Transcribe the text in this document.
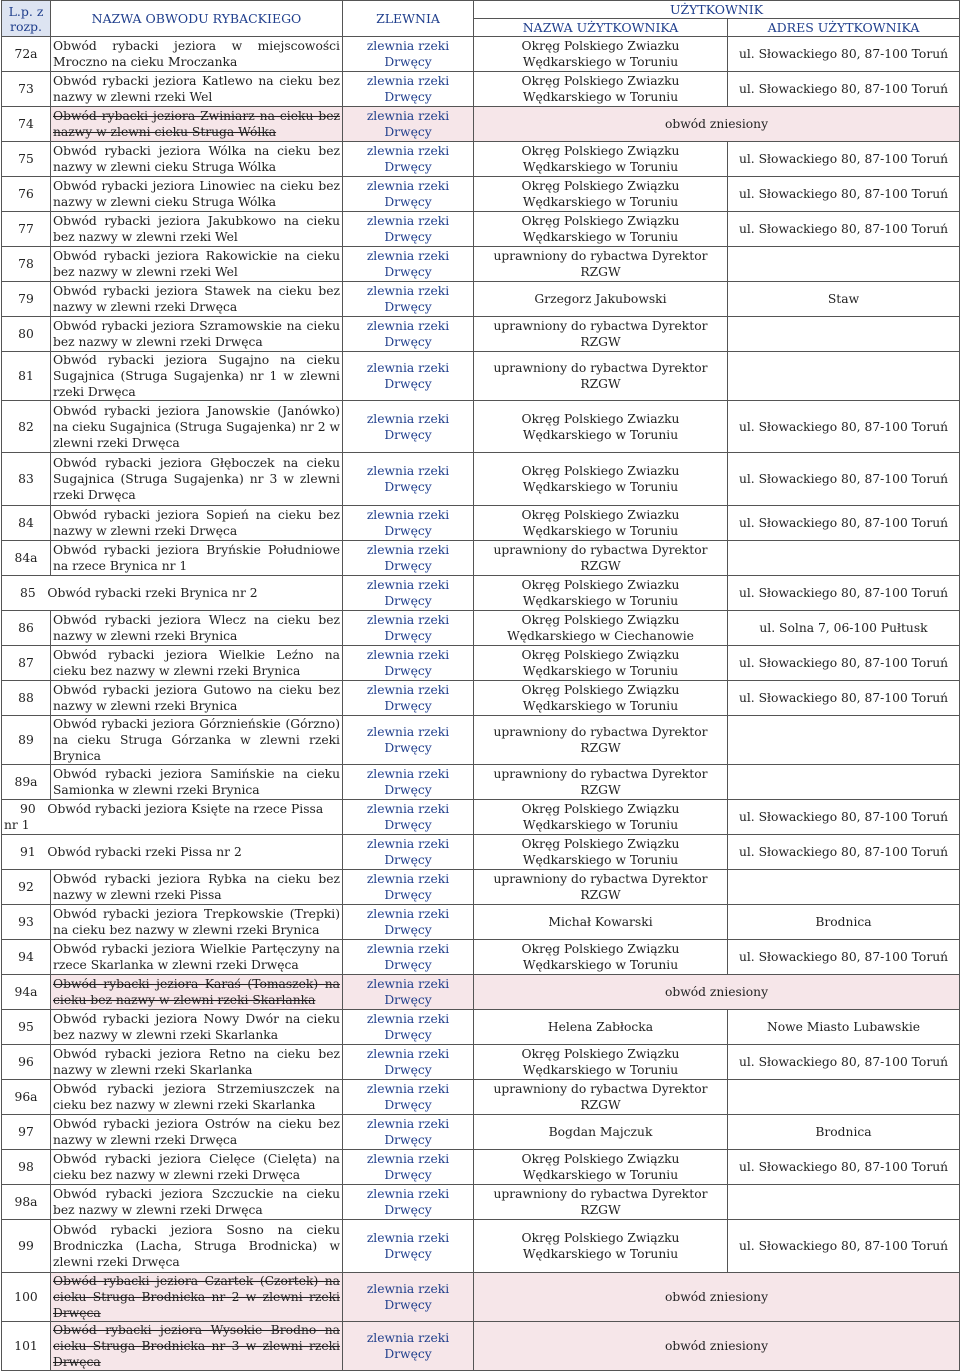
L.p. z rozp.	NAZWA OBWODU RYBACKIEGO	ZLEWNIA	UŻYTKOWNIK	
			NAZWA UŻYTKOWNIKA	ADRES UŻYTKOWNIKA
72a	Obwód rybacki jeziora w miejscowości Mroczno na cieku Mroczanka	zlewnia rzeki Drwęcy	Okręg Polskiego Zwiazku Wędkarskiego w Toruniu	ul. Słowackiego 80, 87-100 Toruń
73	Obwód rybacki jeziora Katlewo na cieku bez nazwy w zlewni rzeki Wel	zlewnia rzeki Drwęcy	Okręg Polskiego Zwiazku Wędkarskiego w Toruniu	ul. Słowackiego 80, 87-100 Toruń
74	Obwód rybacki jeziora Zwiniarz na cieku bez nazwy w zlewni cieku Struga Wólka	zlewnia rzeki Drwęcy	obwód zniesiony	
75	Obwód rybacki jeziora Wólka na cieku bez nazwy w zlewni cieku Struga Wólka	zlewnia rzeki Drwęcy	Okręg Polskiego Związku Wędkarskiego w Toruniu	ul. Słowackiego 80, 87-100 Toruń
76	Obwód rybacki jeziora Linowiec na cieku bez nazwy w zlewni cieku Struga Wólka	zlewnia rzeki Drwęcy	Okręg Polskiego Związku Wędkarskiego w Toruniu	ul. Słowackiego 80, 87-100 Toruń
77	Obwód rybacki jeziora Jakubkowo na cieku bez nazwy w zlewni rzeki Wel	zlewnia rzeki Drwęcy	Okręg Polskiego Związku Wędkarskiego w Toruniu	ul. Słowackiego 80, 87-100 Toruń
78	Obwód rybacki jeziora Rakowickie na cieku bez nazwy w zlewni rzeki Wel	zlewnia rzeki Drwęcy	uprawniony do rybactwa Dyrektor RZGW	
79	Obwód rybacki jeziora Stawek na cieku bez nazwy w zlewni rzeki Drwęca	zlewnia rzeki Drwęcy	Grzegorz Jakubowski	Staw
80	Obwód rybacki jeziora Szramowskie na cieku bez nazwy w zlewni rzeki Drwęca	zlewnia rzeki Drwęcy	uprawniony do rybactwa Dyrektor RZGW	
81	Obwód rybacki jeziora Sugajno na cieku Sugajnica (Struga Sugajenka) nr 1 w zlewni rzeki Drwęca	zlewnia rzeki Drwęcy	uprawniony do rybactwa Dyrektor RZGW	
82	Obwód rybacki jeziora Janowskie (Janówko) na cieku Sugajnica (Struga Sugajenka) nr 2 w zlewni rzeki Drwęca	zlewnia rzeki Drwęcy	Okręg Polskiego Zwiazku Wędkarskiego w Toruniu	ul. Słowackiego 80, 87-100 Toruń
83	Obwód rybacki jeziora Głęboczek na cieku Sugajnica (Struga Sugajenka) nr 3 w zlewni rzeki Drwęca	zlewnia rzeki Drwęcy	Okręg Polskiego Zwiazku Wędkarskiego w Toruniu	ul. Słowackiego 80, 87-100 Toruń
84	Obwód rybacki jeziora Sopień na cieku bez nazwy w zlewni rzeki Drwęca	zlewnia rzeki Drwęcy	Okręg Polskiego Zwiazku Wędkarskiego w Toruniu	ul. Słowackiego 80, 87-100 Toruń
84a	Obwód rybacki jeziora Bryńskie Południowe na rzece Brynica nr 1	zlewnia rzeki Drwęcy	uprawniony do rybactwa Dyrektor RZGW	
85 Obwód rybacki rzeki Brynica nr 2		zlewnia rzeki Drwęcy	Okręg Polskiego Zwiazku Wędkarskiego w Toruniu	ul. Słowackiego 80, 87-100 Toruń
86	Obwód rybacki jeziora Wlecz na cieku bez nazwy w zlewni rzeki Brynica	zlewnia rzeki Drwęcy	Okręg Polskiego Związku Wędkarskiego w Ciechanowie	ul. Solna 7, 06-100 Pułtusk
87	Obwód rybacki jeziora Wielkie Leźno na cieku bez nazwy w zlewni rzeki Brynica	zlewnia rzeki Drwęcy	Okręg Polskiego Związku Wędkarskiego w Toruniu	ul. Słowackiego 80, 87-100 Toruń
88	Obwód rybacki jeziora Gutowo na cieku bez nazwy w zlewni rzeki Brynica	zlewnia rzeki Drwęcy	Okręg Polskiego Związku Wędkarskiego w Toruniu	ul. Słowackiego 80, 87-100 Toruń
89	Obwód rybacki jeziora Górznieńskie (Górzno) na cieku Struga Górzanka w zlewni rzeki Brynica	zlewnia rzeki Drwęcy	uprawniony do rybactwa Dyrektor RZGW	
89a	Obwód rybacki jeziora Samińskie na cieku Samionka w zlewni rzeki Brynica	zlewnia rzeki Drwęcy	uprawniony do rybactwa Dyrektor RZGW	
90 Obwód rybacki jeziora Księte na rzece Pissa nr 1		zlewnia rzeki Drwęcy	Okręg Polskiego Związku Wędkarskiego w Toruniu	ul. Słowackiego 80, 87-100 Toruń
91 Obwód rybacki rzeki Pissa nr 2		zlewnia rzeki Drwęcy	Okręg Polskiego Związku Wędkarskiego w Toruniu	ul. Słowackiego 80, 87-100 Toruń
92	Obwód rybacki jeziora Rybka na cieku bez nazwy w zlewni rzeki Pissa	zlewnia rzeki Drwęcy	uprawniony do rybactwa Dyrektor RZGW	
93	Obwód rybacki jeziora Trepkowskie (Trepki) na cieku bez nazwy w zlewni rzeki Brynica	zlewnia rzeki Drwęcy	Michał Kowarski	Brodnica
94	Obwód rybacki jeziora Wielkie Partęczyny na rzece Skarlanka w zlewni rzeki Drwęca	zlewnia rzeki Drwęcy	Okręg Polskiego Związku Wędkarskiego w Toruniu	ul. Słowackiego 80, 87-100 Toruń
94a	Obwód rybacki jeziora Karaś (Tomaszek) na cieku bez nazwy w zlewni rzeki Skarlanka	zlewnia rzeki Drwęcy	obwód zniesiony	
95	Obwód rybacki jeziora Nowy Dwór na cieku bez nazwy w zlewni rzeki Skarlanka	zlewnia rzeki Drwęcy	Helena Zabłocka	Nowe Miasto Lubawskie
96	Obwód rybacki jeziora Retno na cieku bez nazwy w zlewni rzeki Skarlanka	zlewnia rzeki Drwęcy	Okręg Polskiego Związku Wędkarskiego w Toruniu	ul. Słowackiego 80, 87-100 Toruń
96a	Obwód rybacki jeziora Strzemiuszczek na cieku bez nazwy w zlewni rzeki Skarlanka	zlewnia rzeki Drwęcy	uprawniony do rybactwa Dyrektor RZGW	
97	Obwód rybacki jeziora Ostrów na cieku bez nazwy w zlewni rzeki Drwęca	zlewnia rzeki Drwęcy	Bogdan Majczuk	Brodnica
98	Obwód rybacki jeziora Cielęce (Cielęta) na cieku bez nazwy w zlewni rzeki Drwęca	zlewnia rzeki Drwęcy	Okręg Polskiego Związku Wędkarskiego w Toruniu	ul. Słowackiego 80, 87-100 Toruń
98a	Obwód rybacki jeziora Szczuckie na cieku bez nazwy w zlewni rzeki Drwęca	zlewnia rzeki Drwęcy	uprawniony do rybactwa Dyrektor RZGW	
99	Obwód rybacki jeziora Sosno na cieku Brodniczka (Lacha, Struga Brodnicka) w zlewni rzeki Drwęca	zlewnia rzeki Drwęcy	Okręg Polskiego Związku Wędkarskiego w Toruniu	ul. Słowackiego 80, 87-100 Toruń
100	Obwód rybacki jeziora Czartek (Czortek) na cieku Struga Brodnicka nr 2 w zlewni rzeki Drwęca	zlewnia rzeki Drwęcy	obwód zniesiony	
101	Obwód rybacki jeziora Wysokie Brodno na cieku Struga Brodnicka nr 3 w zlewni rzeki Drwęca	zlewnia rzeki Drwęcy	obwód zniesiony	
